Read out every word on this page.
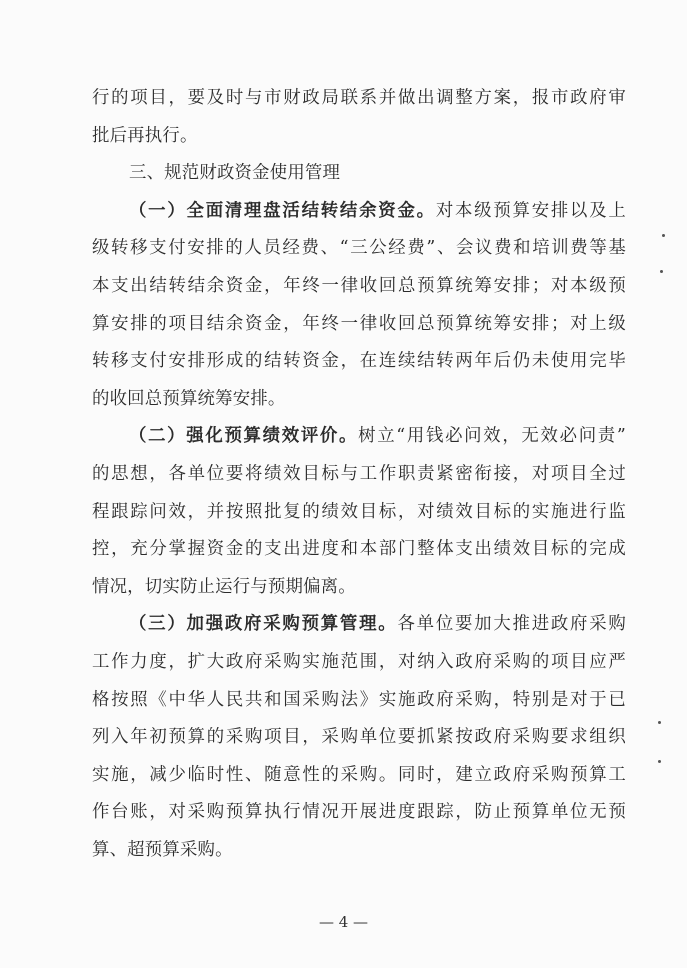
行的项目，要及时与市财政局联系并做出调整方案，报市政府审
批后再执行。
三、规范财政资金使用管理
（一）全面清理盘活结转结余资金。对本级预算安排以及上
级转移支付安排的人员经费、“三公经费”、会议费和培训费等基
本支出结转结余资金，年终一律收回总预算统筹安排；对本级预
算安排的项目结余资金，年终一律收回总预算统筹安排；对上级
转移支付安排形成的结转资金，在连续结转两年后仍未使用完毕
的收回总预算统筹安排。
（二）强化预算绩效评价。树立“用钱必问效，无效必问责”
的思想，各单位要将绩效目标与工作职责紧密衔接，对项目全过
程跟踪问效，并按照批复的绩效目标，对绩效目标的实施进行监
控，充分掌握资金的支出进度和本部门整体支出绩效目标的完成
情况，切实防止运行与预期偏离。
（三）加强政府采购预算管理。各单位要加大推进政府采购
工作力度，扩大政府采购实施范围，对纳入政府采购的项目应严
格按照《中华人民共和国采购法》实施政府采购，特别是对于已
列入年初预算的采购项目，采购单位要抓紧按政府采购要求组织
实施，减少临时性、随意性的采购。同时，建立政府采购预算工
作台账，对采购预算执行情况开展进度跟踪，防止预算单位无预
算、超预算采购。
— 4 —
